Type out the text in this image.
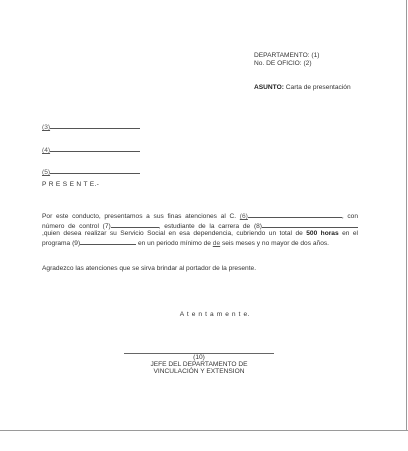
DEPARTAMENTO: (1)
No. DE OFICIO: (2)
ASUNTO: Carta de presentación
(3)
(4)
(5)
P R E S E N T E.-
Por este conducto, presentamos a sus finas atenciones al C. (6)	, con número de control (7)	, estudiante de la carrera de (8),quien desea realizar su Servicio Social en esa dependencia, cubriendo un total de 500 horas en el programa (9)	en un periodo mínimo de de seis meses y no mayor de dos años.
Agradezco las atenciones que se sirva brindar al portador de la presente.
A t e n t a m e n t e.
(10)
JEFE DEL DEPARTAMENTO DE
VINCULACIÓN Y EXTENSION
